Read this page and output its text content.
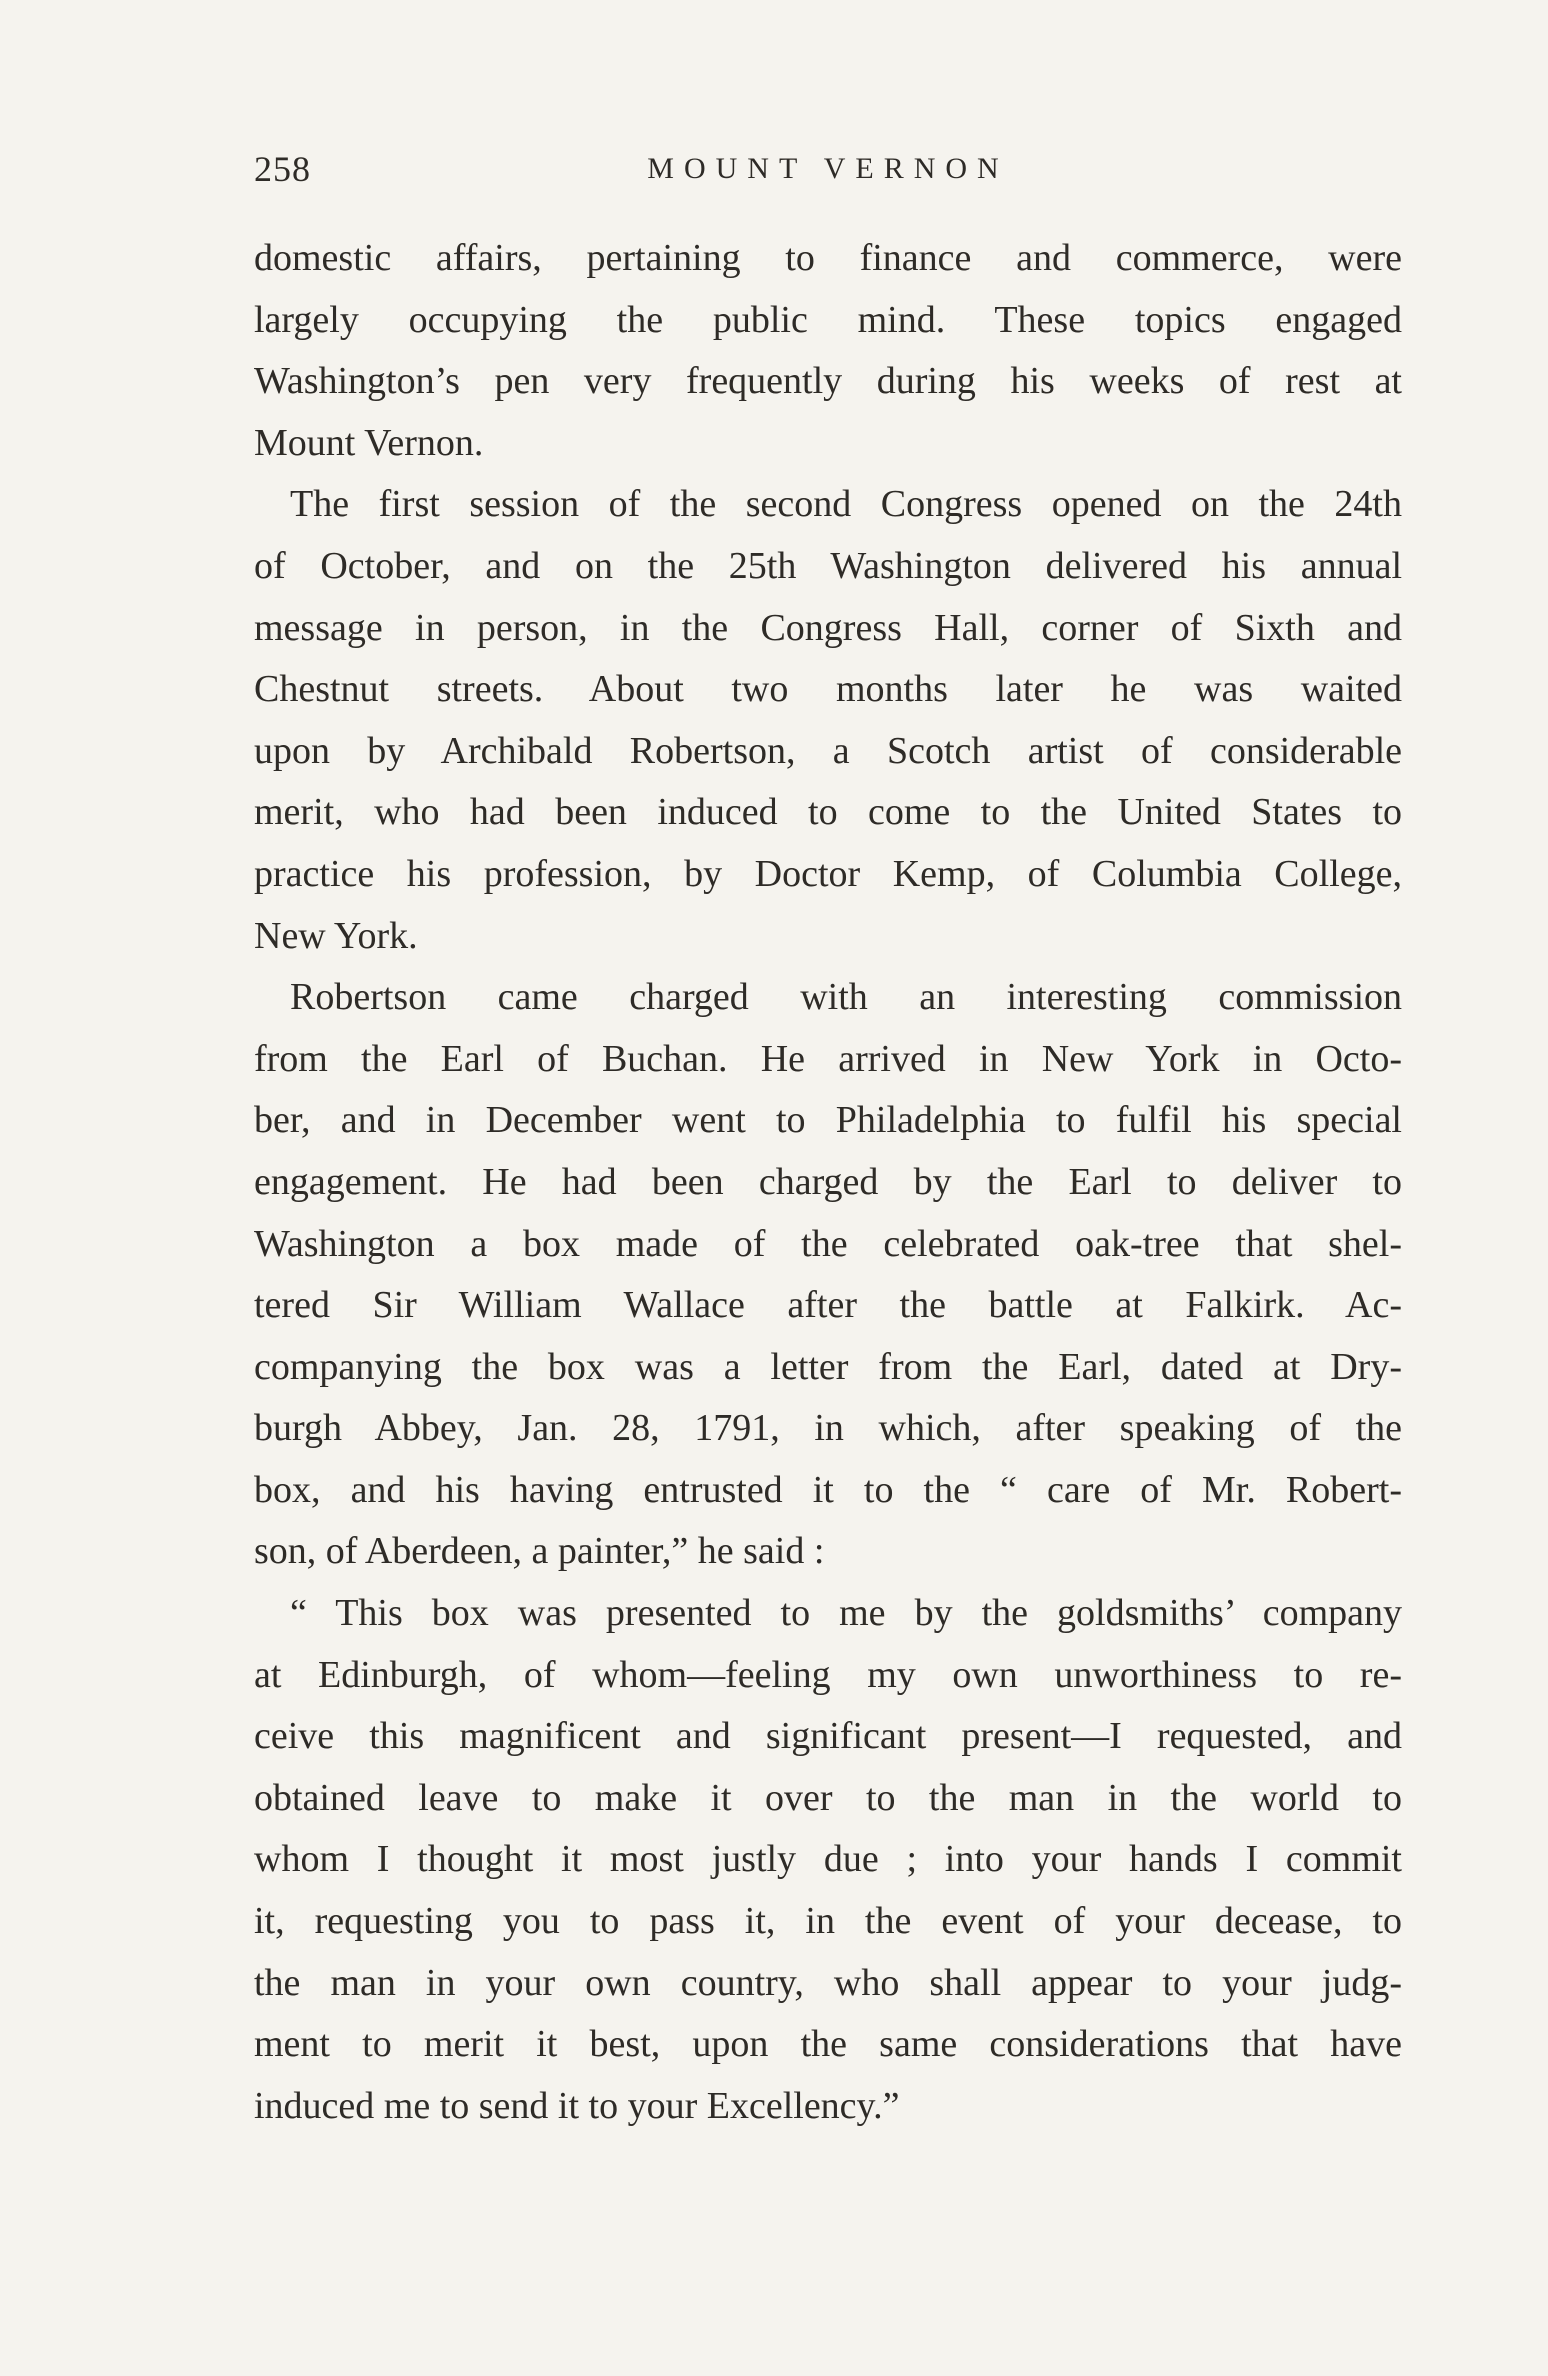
258	MOUNT VERNON
domestic affairs, pertaining to finance and commerce, were
largely occupying the public mind. These topics engaged
Washington’s pen very frequently during his weeks of rest at
Mount Vernon.
The first session of the second Congress opened on the 24th
of October, and on the 25th Washington delivered his annual
message in person, in the Congress Hall, corner of Sixth and
Chestnut streets. About two months later he was waited
upon by Archibald Robertson, a Scotch artist of considerable
merit, who had been induced to come to the United States to
practice his profession, by Doctor Kemp, of Columbia College,
New York.
Robertson came charged with an interesting commission
from the Earl of Buchan. He arrived in New York in Octo-
ber, and in December went to Philadelphia to fulfil his special
engagement. He had been charged by the Earl to deliver to
Washington a box made of the celebrated oak-tree that shel-
tered Sir William Wallace after the battle at Falkirk. Ac-
companying the box was a letter from the Earl, dated at Dry-
burgh Abbey, Jan. 28, 1791, in which, after speaking of the
box, and his having entrusted it to the “ care of Mr. Robert-
son, of Aberdeen, a painter,” he said :
“ This box was presented to me by the goldsmiths’ company
at Edinburgh, of whom—feeling my own unworthiness to re-
ceive this magnificent and significant present—I requested, and
obtained leave to make it over to the man in the world to
whom I thought it most justly due ; into your hands I commit
it, requesting you to pass it, in the event of your decease, to
the man in your own country, who shall appear to your judg-
ment to merit it best, upon the same considerations that have
induced me to send it to your Excellency.”
